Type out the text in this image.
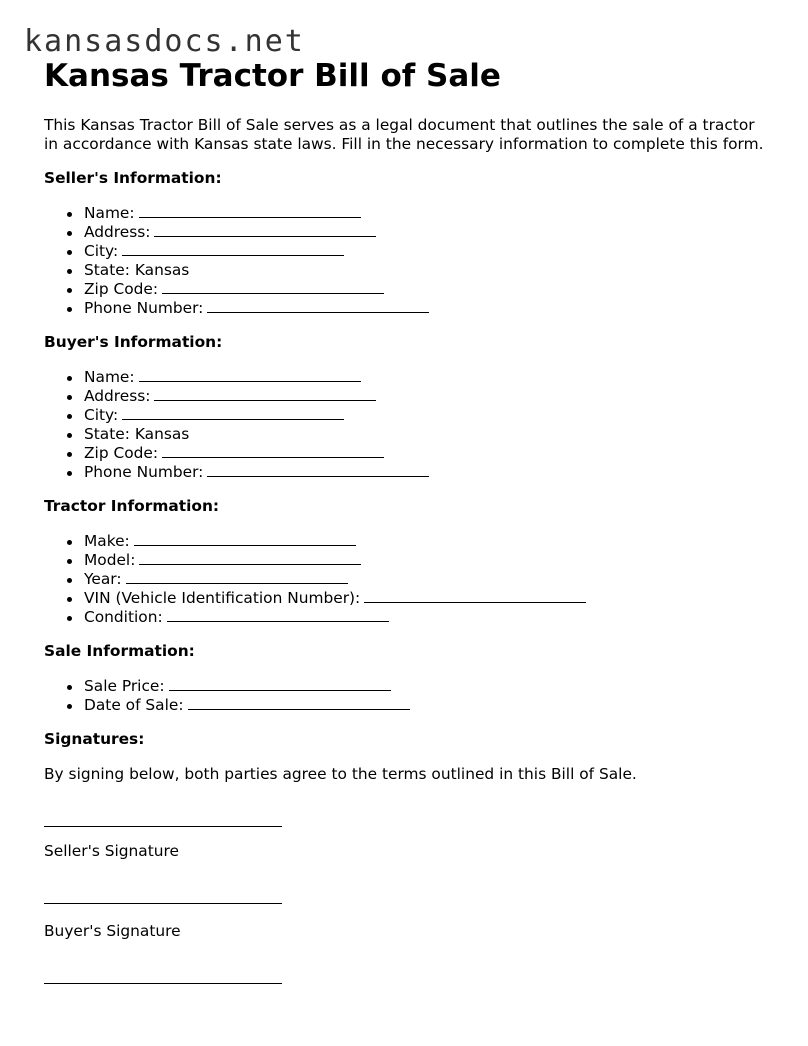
kansasdocs.net
Kansas Tractor Bill of Sale

This Kansas Tractor Bill of Sale serves as a legal document that outlines the sale of a tractor in accordance with Kansas state laws. Fill in the necessary information to complete this form.

Seller's Information:
Name:
Address:
City:
State: Kansas
Zip Code:
Phone Number:
Buyer's Information:
Name:
Address:
City:
State: Kansas
Zip Code:
Phone Number:
Tractor Information:
Make:
Model:
Year:
VIN (Vehicle Identification Number):
Condition:
Sale Information:
Sale Price:
Date of Sale:
Signatures:

By signing below, both parties agree to the terms outlined in this Bill of Sale.

Seller's Signature

Buyer's Signature
